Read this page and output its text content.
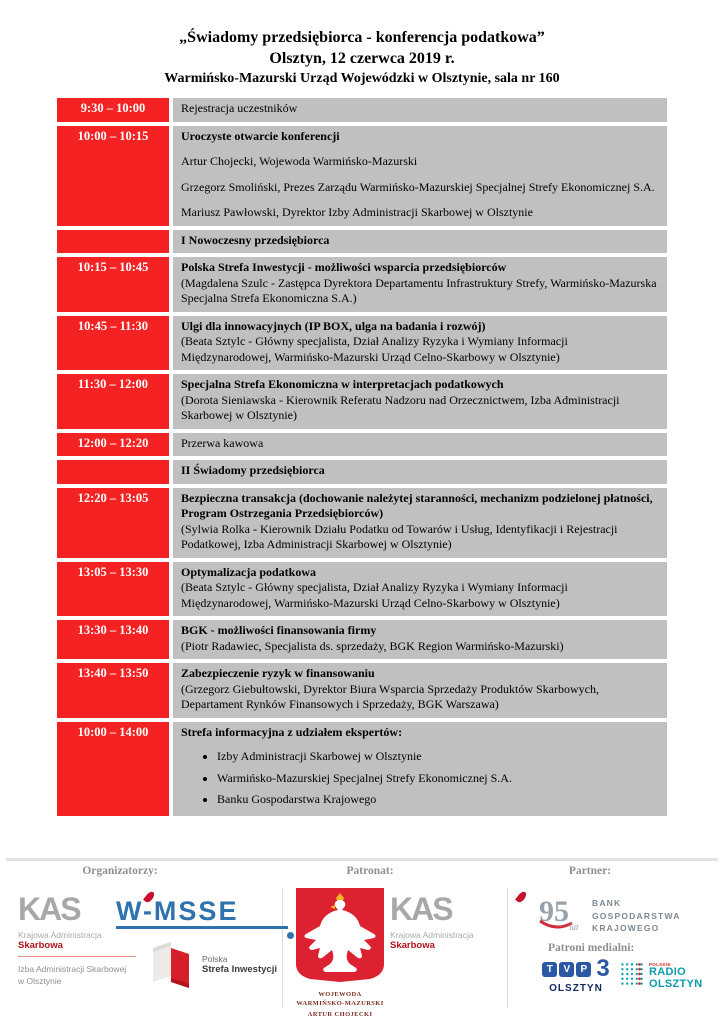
„Świadomy przedsiębiorca - konferencja podatkowa”
Olsztyn, 12 czerwca 2019 r.
Warmińsko-Mazurski Urząd Wojewódzki w Olsztynie, sala nr 160
9:30 – 10:00	Rejestracja uczestników

10:00 – 10:15	Uroczyste otwarcie konferencji

Artur Chojecki, Wojewoda Warmińsko-Mazurski

Grzegorz Smoliński, Prezes Zarządu Warmińsko-Mazurskiej Specjalnej Strefy Ekonomicznej S.A.

Mariusz Pawłowski, Dyrektor Izby Administracji Skarbowej w Olsztynie

I Nowoczesny przedsiębiorca
10:15 – 10:45	Polska Strefa Inwestycji - możliwości wsparcia przedsiębiorców

(Magdalena Szulc - Zastępca Dyrektora Departamentu Infrastruktury Strefy, Warmińsko-Mazurska Specjalna Strefa Ekonomiczna S.A.)

10:45 – 11:30	Ulgi dla innowacyjnych (IP BOX, ulga na badania i rozwój)

(Beata Sztylc - Główny specjalista, Dział Analizy Ryzyka i Wymiany Informacji Międzynarodowej, Warmińsko-Mazurski Urząd Celno-Skarbowy w Olsztynie)

11:30 – 12:00	Specjalna Strefa Ekonomiczna w interpretacjach podatkowych

(Dorota Sieniawska - Kierownik Referatu Nadzoru nad Orzecznictwem, Izba Administracji Skarbowej w Olsztynie)

12:00 – 12:20	Przerwa kawowa

II Świadomy przedsiębiorca
12:20 – 13:05	Bezpieczna transakcja (dochowanie należytej staranności, mechanizm podzielonej płatności, Program Ostrzegania Przedsiębiorców)

(Sylwia Rolka - Kierownik Działu Podatku od Towarów i Usług, Identyfikacji i Rejestracji Podatkowej, Izba Administracji Skarbowej w Olsztynie)

13:05 – 13:30	Optymalizacja podatkowa

(Beata Sztylc - Główny specjalista, Dział Analizy Ryzyka i Wymiany Informacji Międzynarodowej, Warmińsko-Mazurski Urząd Celno-Skarbowy w Olsztynie)

13:30 – 13:40	BGK - możliwości finansowania firmy

(Piotr Radawiec, Specjalista ds. sprzedaży, BGK Region Warmińsko-Mazurski)

13:40 – 13:50	Zabezpieczenie ryzyk w finansowaniu

(Grzegorz Giebułtowski, Dyrektor Biura Wsparcia Sprzedaży Produktów Skarbowych, Departament Rynków Finansowych i Sprzedaży, BGK Warszawa)

10:00 – 14:00	Strefa informacyjna z udziałem ekspertów:
• Izby Administracji Skarbowej w Olsztynie
• Warmińsko-Mazurskiej Specjalnej Strefy Ekonomicznej S.A.
• Banku Gospodarstwa Krajowego
Organizatorzy:	Patronat:	Partner:
KAS
Krajowa Administracja
Skarbowa
Izba Administracji Skarbowej
w Olsztynie
W-MSSE
Polska
Strefa Inwestycji
WOJEWODA
WARMIŃSKO-MAZURSKI
ARTUR CHOJECKI
KAS
Krajowa Administracja
Skarbowa
95 lat
BANK
GOSPODARSTWA
KRAJOWEGO
Patroni medialni:
T	V	P 3
OLSZTYN
POLSKIE
RADIO
OLSZTYN
